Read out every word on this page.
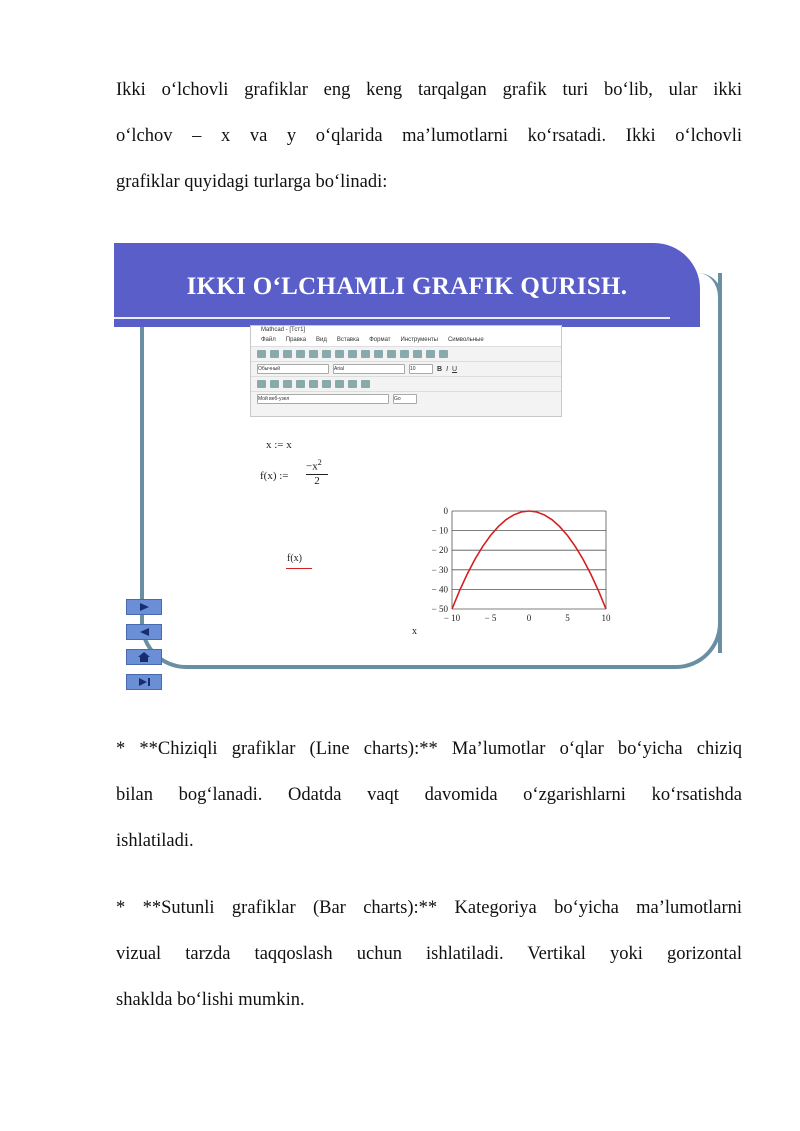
Ikki o‘lchovli grafiklar eng keng tarqalgan grafik turi bo‘lib, ular ikki
o‘lchov – x va y o‘qlarida ma’lumotlarni ko‘rsatadi. Ikki o‘lchovli
grafiklar quyidagi turlarga bo‘linadi:

IKKI O‘LCHAMLI GRAFIK QURISH.
Mathcad - [Тст1]
Файл Правка Вид Вставка Формат Инструменты Символьные
Обычный	Arial	10	B I U
Мой веб-узел	Go
x := x
f(x) :=
$-x^2$
2
0
− 10
− 20
− 30
− 40
− 50
− 10	− 5	0	5	10
f(x)
x

* **Chiziqli grafiklar (Line charts):** Ma’lumotlar o‘qlar bo‘yicha chiziq
bilan bog‘lanadi. Odatda vaqt davomida o‘zgarishlarni ko‘rsatishda
ishlatiladi.

* **Sutunli grafiklar (Bar charts):** Kategoriya bo‘yicha ma’lumotlarni
vizual tarzda taqqoslash uchun ishlatiladi. Vertikal yoki gorizontal
shaklda bo‘lishi mumkin.
